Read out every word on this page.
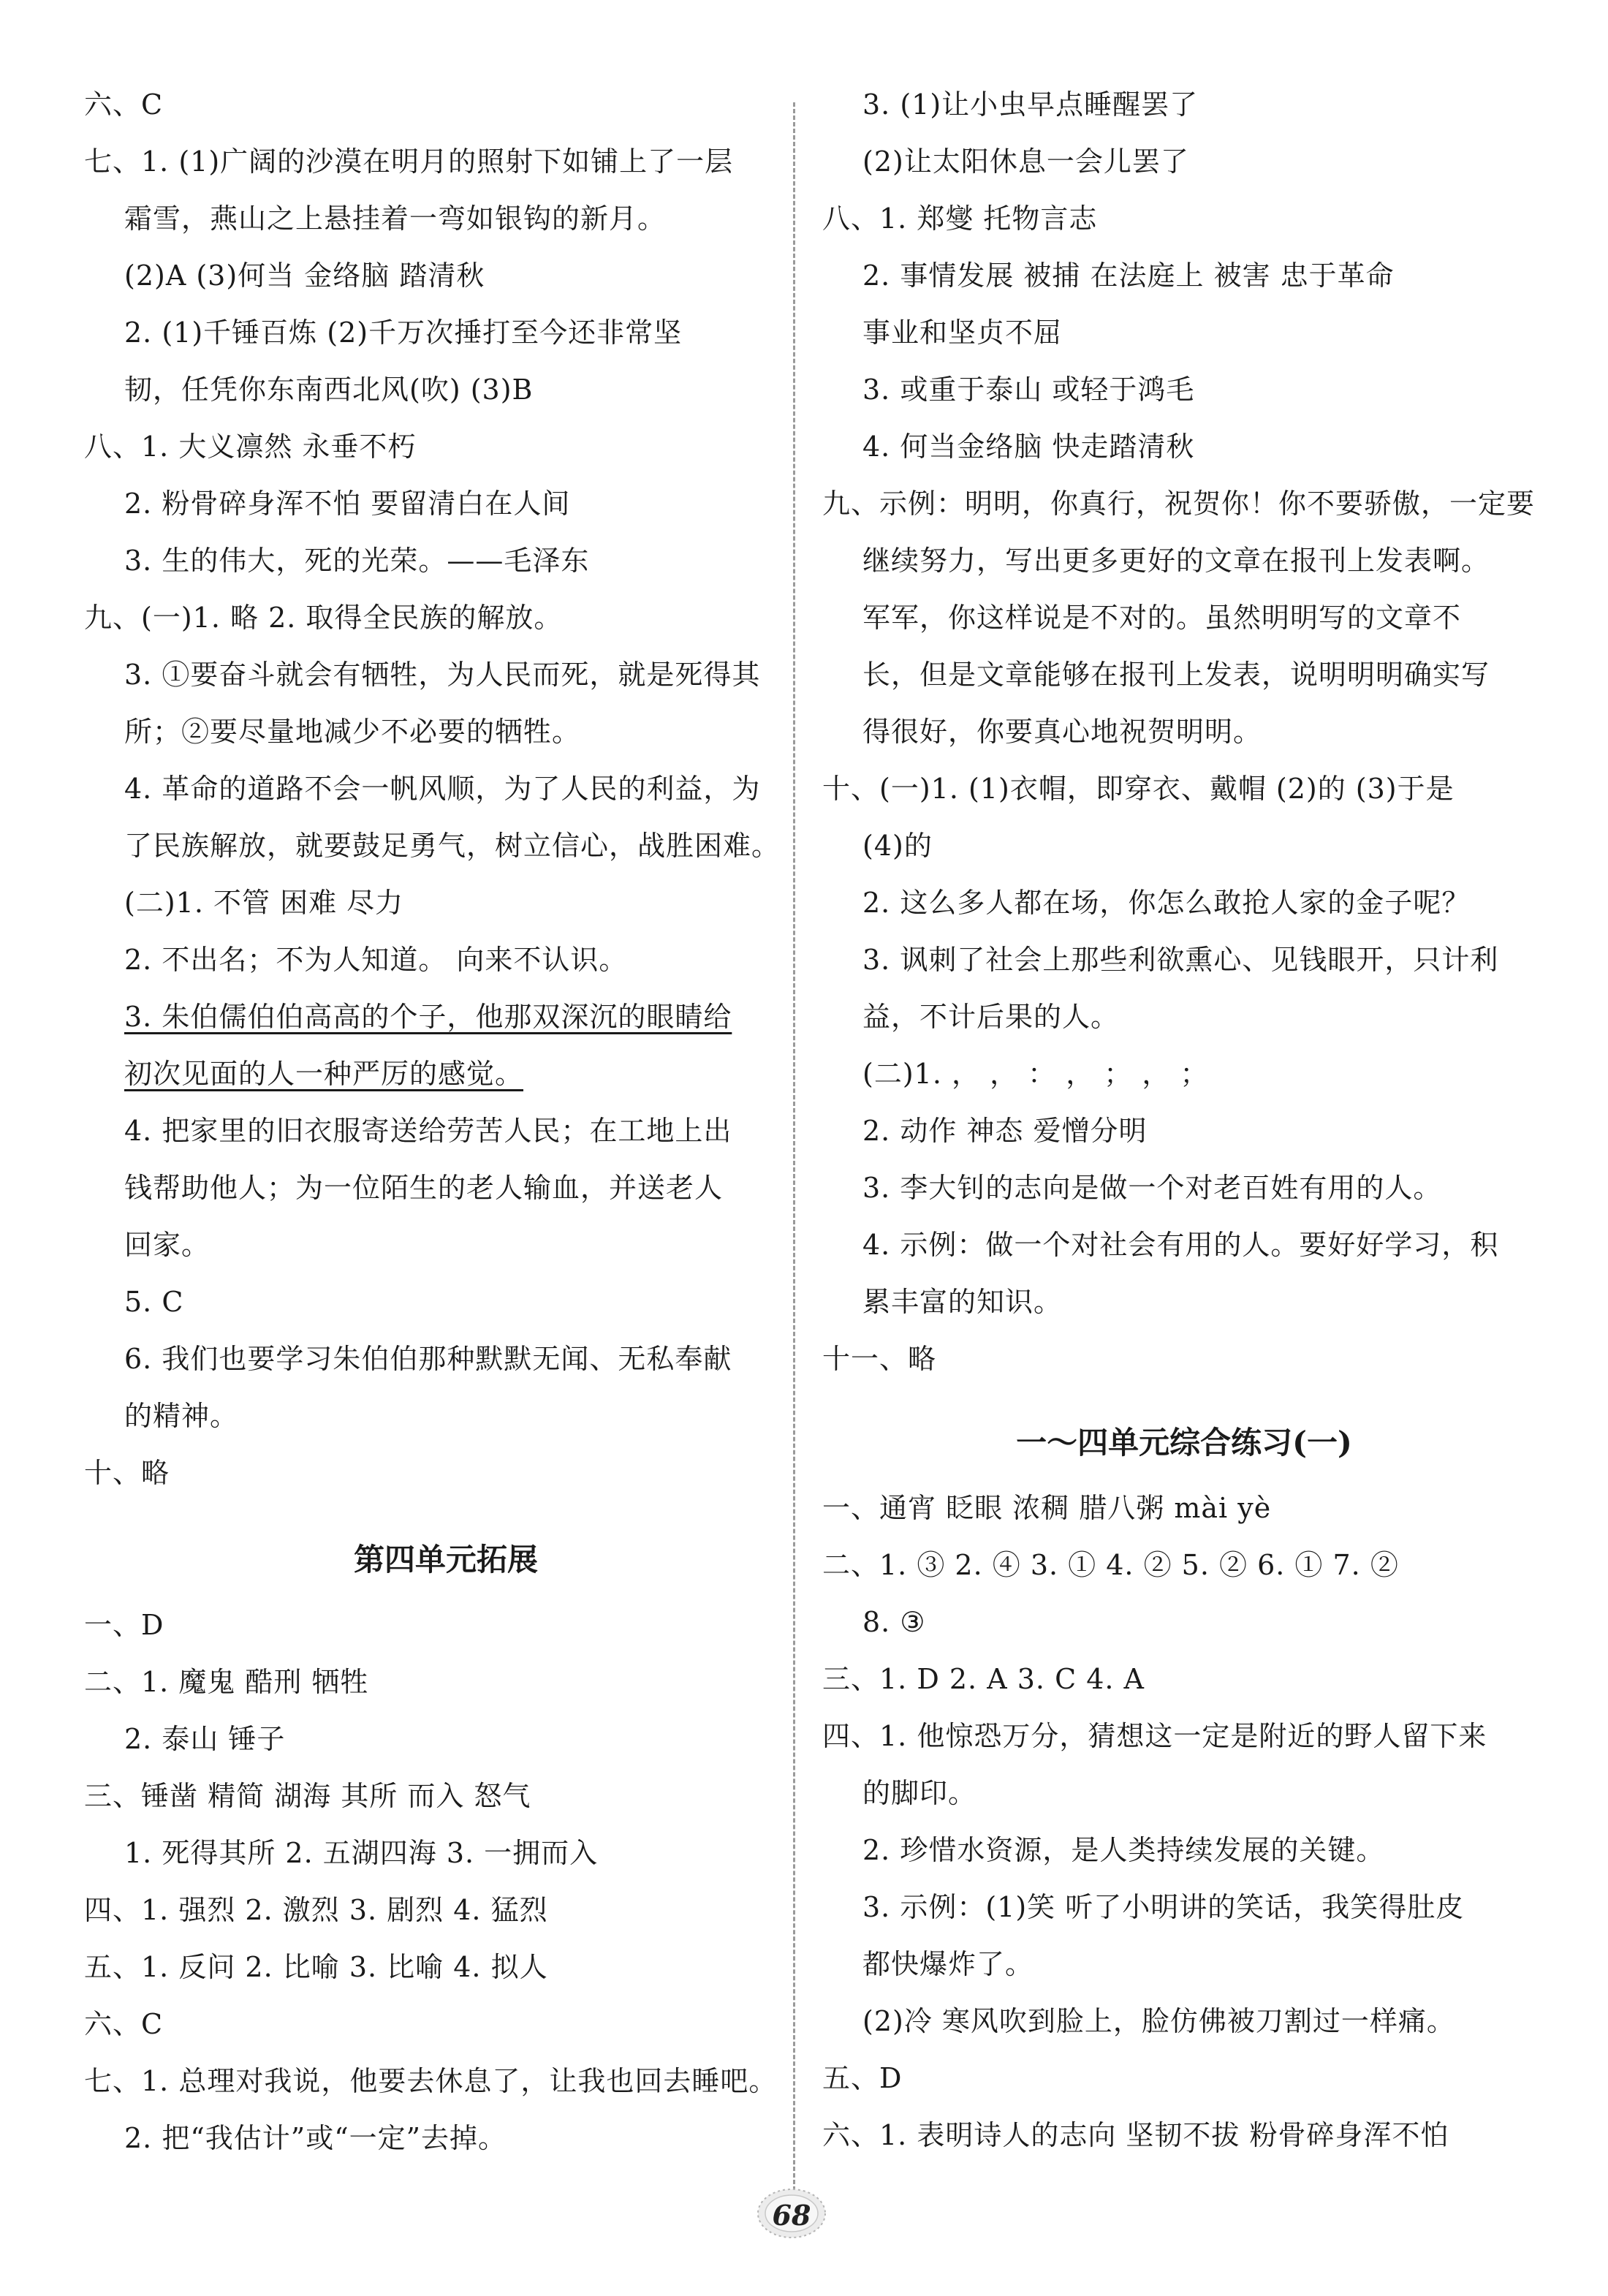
六、C
七、1. (1)广阔的沙漠在明月的照射下如铺上了一层
霜雪，燕山之上悬挂着一弯如银钩的新月。
(2)A (3)何当 金络脑 踏清秋
2. (1)千锤百炼 (2)千万次捶打至今还非常坚
韧，任凭你东南西北风(吹) (3)B
八、1. 大义凛然 永垂不朽
2. 粉骨碎身浑不怕 要留清白在人间
3. 生的伟大，死的光荣。——毛泽东
九、(一)1. 略 2. 取得全民族的解放。
3. ①要奋斗就会有牺牲，为人民而死，就是死得其
所；②要尽量地减少不必要的牺牲。
4. 革命的道路不会一帆风顺，为了人民的利益，为
了民族解放，就要鼓足勇气，树立信心，战胜困难。
(二)1. 不管 困难 尽力
2. 不出名；不为人知道。 向来不认识。
3. 朱伯儒伯伯高高的个子，他那双深沉的眼睛给
初次见面的人一种严厉的感觉。
4. 把家里的旧衣服寄送给劳苦人民；在工地上出
钱帮助他人；为一位陌生的老人输血，并送老人
回家。
5. C
6. 我们也要学习朱伯伯那种默默无闻、无私奉献
的精神。
十、略
第四单元拓展
一、D
二、1. 魔鬼 酷刑 牺牲
2. 泰山 锤子
三、锤凿 精简 湖海 其所 而入 怒气
1. 死得其所 2. 五湖四海 3. 一拥而入
四、1. 强烈 2. 激烈 3. 剧烈 4. 猛烈
五、1. 反问 2. 比喻 3. 比喻 4. 拟人
六、C
七、1. 总理对我说，他要去休息了，让我也回去睡吧。
2. 把“我估计”或“一定”去掉。
3. (1)让小虫早点睡醒罢了
(2)让太阳休息一会儿罢了
八、1. 郑燮 托物言志
2. 事情发展 被捕 在法庭上 被害 忠于革命
事业和坚贞不屈
3. 或重于泰山 或轻于鸿毛
4. 何当金络脑 快走踏清秋
九、示例：明明，你真行，祝贺你！你不要骄傲，一定要
继续努力，写出更多更好的文章在报刊上发表啊。
军军，你这样说是不对的。虽然明明写的文章不
长，但是文章能够在报刊上发表，说明明明确实写
得很好，你要真心地祝贺明明。
十、(一)1. (1)衣帽，即穿衣、戴帽 (2)的 (3)于是
(4)的
2. 这么多人都在场，你怎么敢抢人家的金子呢？
3. 讽刺了社会上那些利欲熏心、见钱眼开，只计利
益，不计后果的人。
(二)1. ， ， ： ， ； ， ；
2. 动作 神态 爱憎分明
3. 李大钊的志向是做一个对老百姓有用的人。
4. 示例：做一个对社会有用的人。要好好学习，积
累丰富的知识。
十一、略
一～四单元综合练习(一)
一、通宵 眨眼 浓稠 腊八粥 mài yè
二、1. ③ 2. ④ 3. ① 4. ② 5. ② 6. ① 7. ②
8. ③
三、1. D 2. A 3. C 4. A
四、1. 他惊恐万分，猜想这一定是附近的野人留下来
的脚印。
2. 珍惜水资源，是人类持续发展的关键。
3. 示例：(1)笑 听了小明讲的笑话，我笑得肚皮
都快爆炸了。
(2)冷 寒风吹到脸上，脸仿佛被刀割过一样痛。
五、D
六、1. 表明诗人的志向 坚韧不拔 粉骨碎身浑不怕
68
